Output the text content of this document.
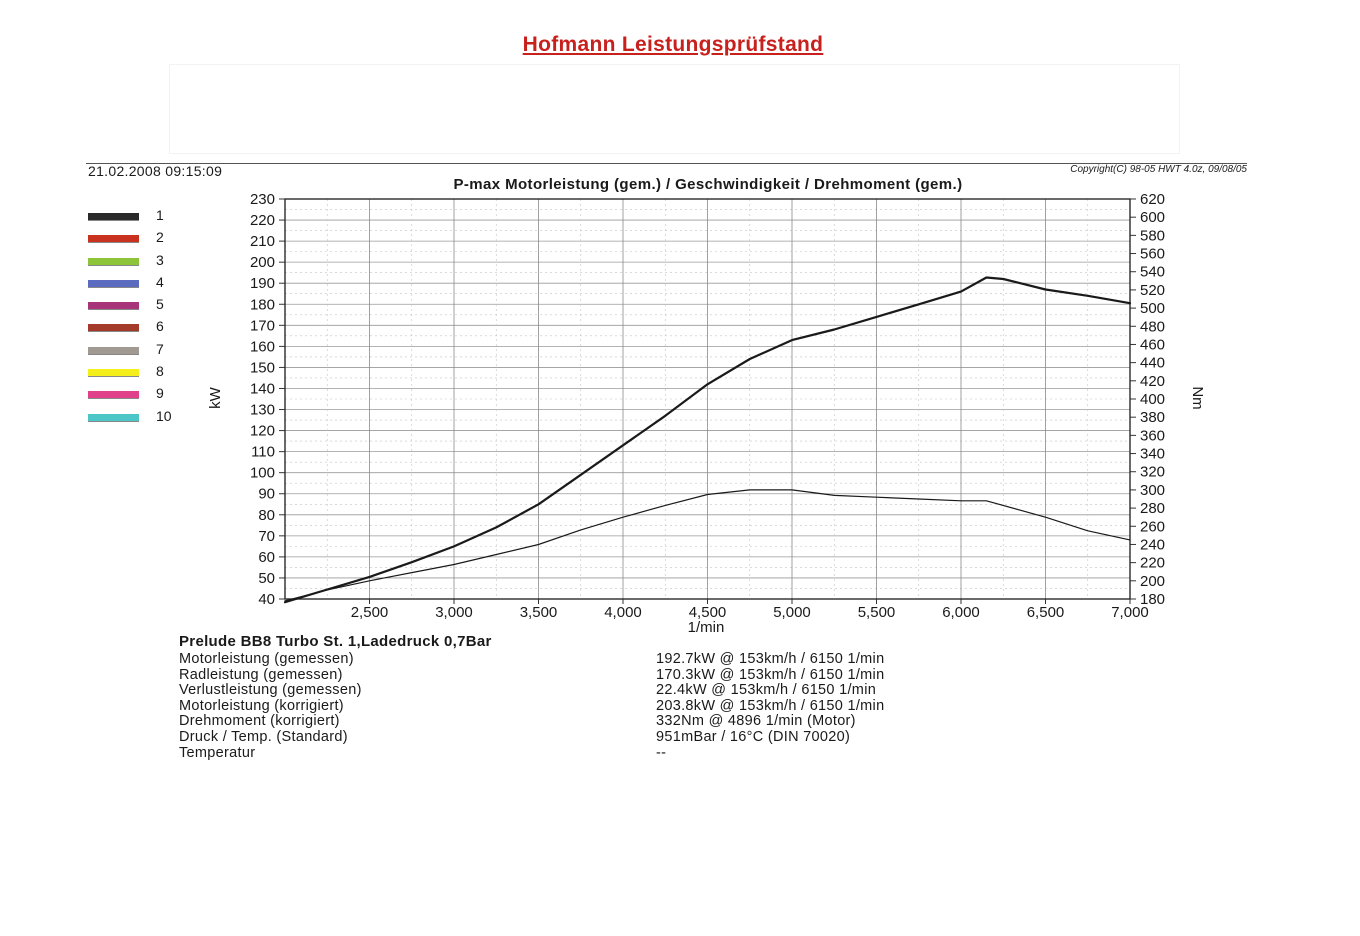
Hofmann Leistungsprüfstand
21.02.2008 09:15:09	Copyright(C) 98-05 HWT 4.0z, 09/08/05
P-max Motorleistung (gem.) / Geschwindigkeit / Drehmoment (gem.)
1
2
3
4
5
6
7
8
9
10
40
50
60
70
80
90
100
110
120
130
140
150
160
170
180
190
200
210
220
230
2,500	3,000	3,500	4,000	4,500	5,000	5,500	6,000	6,500	7,000
180
200
220
240
260
280
300
320
340
360
380
400
420
440
460
480
500
520
540
560
580
600
620
1/min
kW	Nm
Prelude BB8 Turbo St. 1,Ladedruck 0,7Bar
Motorleistung (gemessen)	192.7kW @ 153km/h / 6150 1/min
Radleistung (gemessen)	170.3kW @ 153km/h / 6150 1/min
Verlustleistung (gemessen)	22.4kW @ 153km/h / 6150 1/min
Motorleistung (korrigiert)	203.8kW @ 153km/h / 6150 1/min
Drehmoment (korrigiert)	332Nm @ 4896 1/min (Motor)
Druck / Temp. (Standard)	951mBar / 16°C (DIN 70020)
Temperatur	--
